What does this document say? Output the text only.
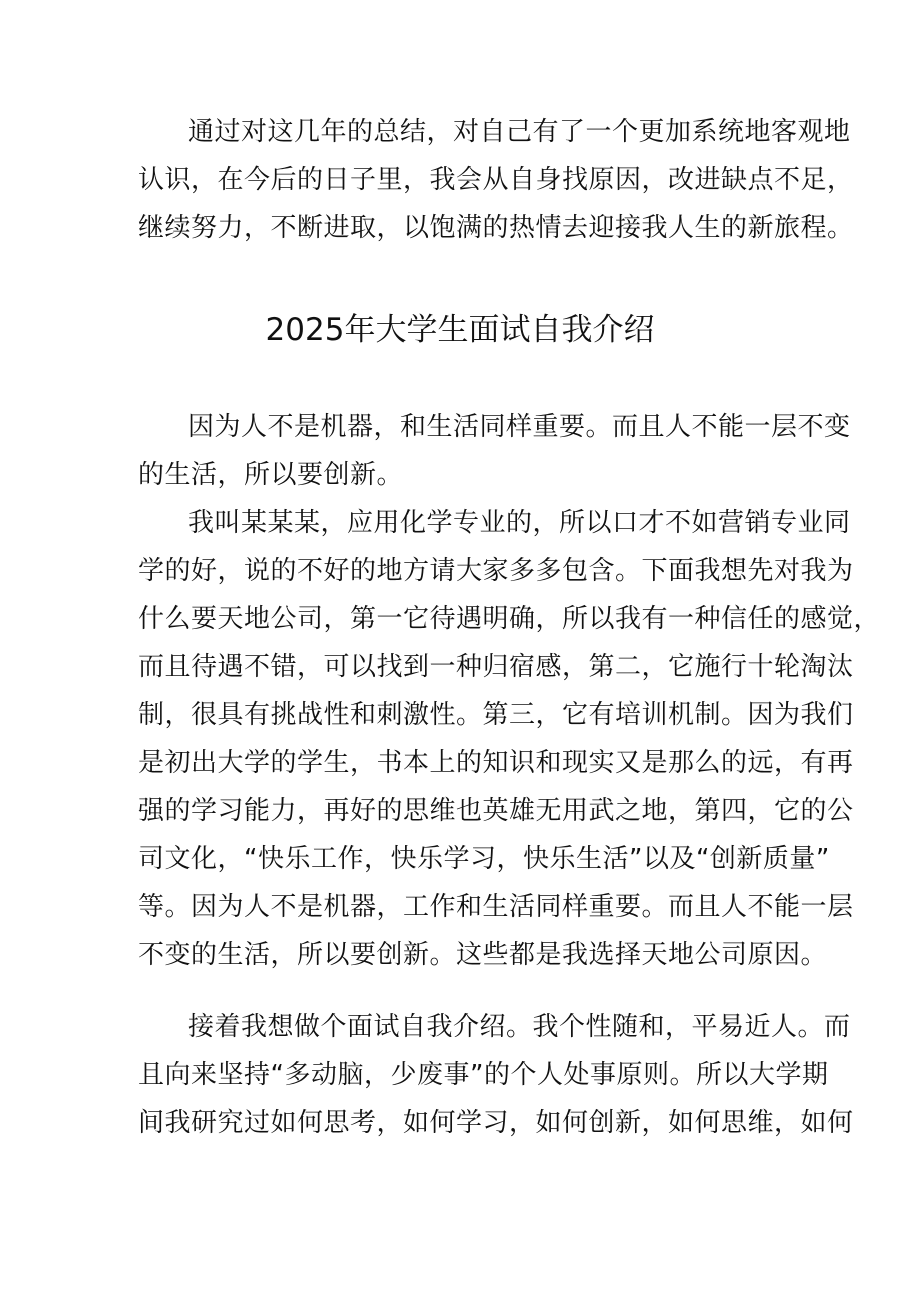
通过对这几年的总结，对自己有了一个更加系统地客观地
认识，在今后的日子里，我会从自身找原因，改进缺点不足，
继续努力，不断进取，以饱满的热情去迎接我人生的新旅程。
2025年大学生面试自我介绍
因为人不是机器，和生活同样重要。而且人不能一层不变
的生活，所以要创新。
我叫某某某，应用化学专业的，所以口才不如营销专业同
学的好，说的不好的地方请大家多多包含。下面我想先对我为
什么要天地公司，第一它待遇明确，所以我有一种信任的感觉，
而且待遇不错，可以找到一种归宿感，第二，它施行十轮淘汰
制，很具有挑战性和刺激性。第三，它有培训机制。因为我们
是初出大学的学生，书本上的知识和现实又是那么的远，有再
强的学习能力，再好的思维也英雄无用武之地，第四，它的公
司文化，“快乐工作，快乐学习，快乐生活”以及“创新质量”
等。因为人不是机器，工作和生活同样重要。而且人不能一层
不变的生活，所以要创新。这些都是我选择天地公司原因。
接着我想做个面试自我介绍。我个性随和，平易近人。而
且向来坚持“多动脑，少废事”的个人处事原则。所以大学期
间我研究过如何思考，如何学习，如何创新，如何思维，如何
